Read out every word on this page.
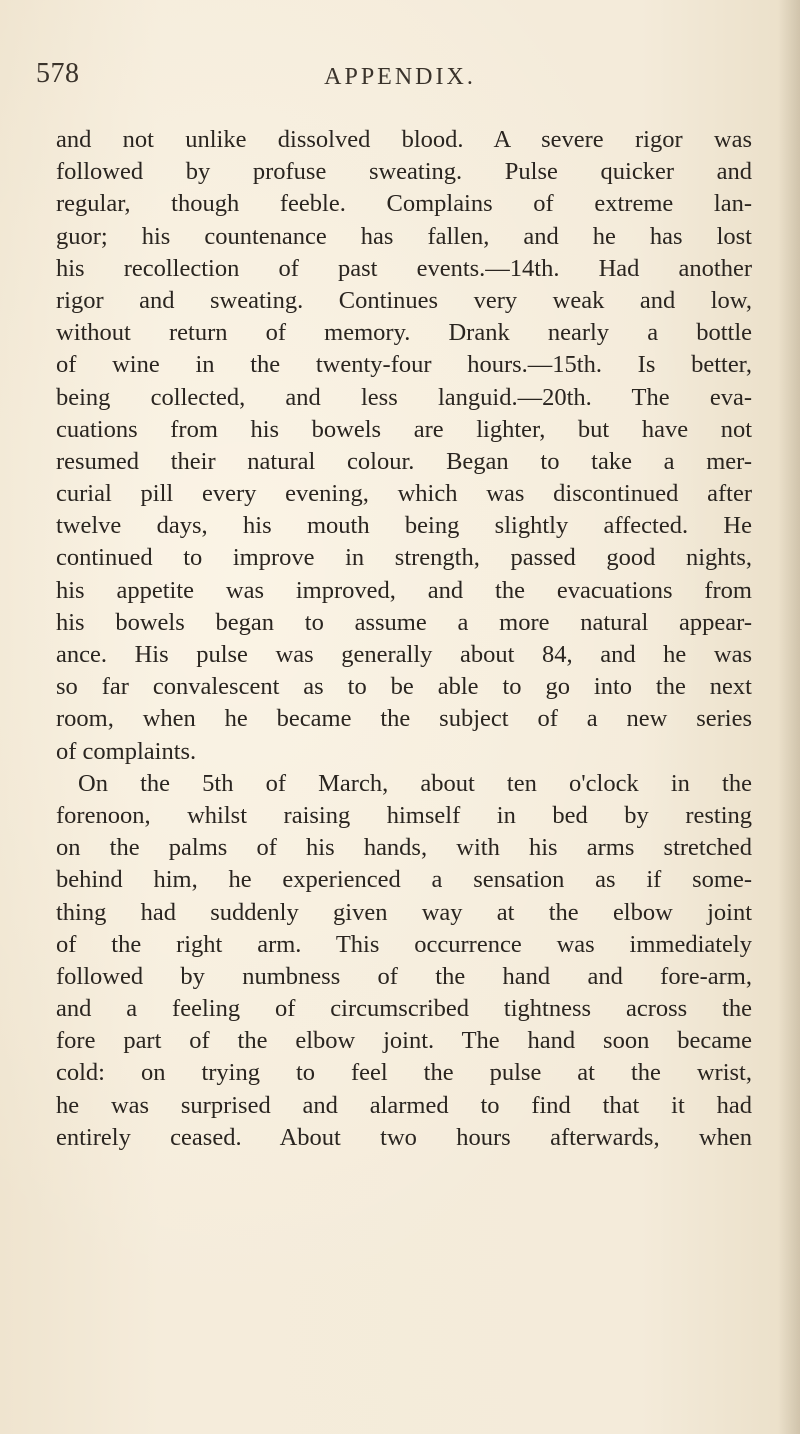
578	APPENDIX.
and not unlike dissolved blood. A severe rigor was
followed by profuse sweating. Pulse quicker and
regular, though feeble. Complains of extreme lan-
guor; his countenance has fallen, and he has lost
his recollection of past events.—14th. Had another
rigor and sweating. Continues very weak and low,
without return of memory. Drank nearly a bottle
of wine in the twenty-four hours.—15th. Is better,
being collected, and less languid.—20th. The eva-
cuations from his bowels are lighter, but have not
resumed their natural colour. Began to take a mer-
curial pill every evening, which was discontinued after
twelve days, his mouth being slightly affected. He
continued to improve in strength, passed good nights,
his appetite was improved, and the evacuations from
his bowels began to assume a more natural appear-
ance. His pulse was generally about 84, and he was
so far convalescent as to be able to go into the next
room, when he became the subject of a new series
of complaints.
On the 5th of March, about ten o'clock in the
forenoon, whilst raising himself in bed by resting
on the palms of his hands, with his arms stretched
behind him, he experienced a sensation as if some-
thing had suddenly given way at the elbow joint
of the right arm. This occurrence was immediately
followed by numbness of the hand and fore-arm,
and a feeling of circumscribed tightness across the
fore part of the elbow joint. The hand soon became
cold: on trying to feel the pulse at the wrist,
he was surprised and alarmed to find that it had
entirely ceased. About two hours afterwards, when
